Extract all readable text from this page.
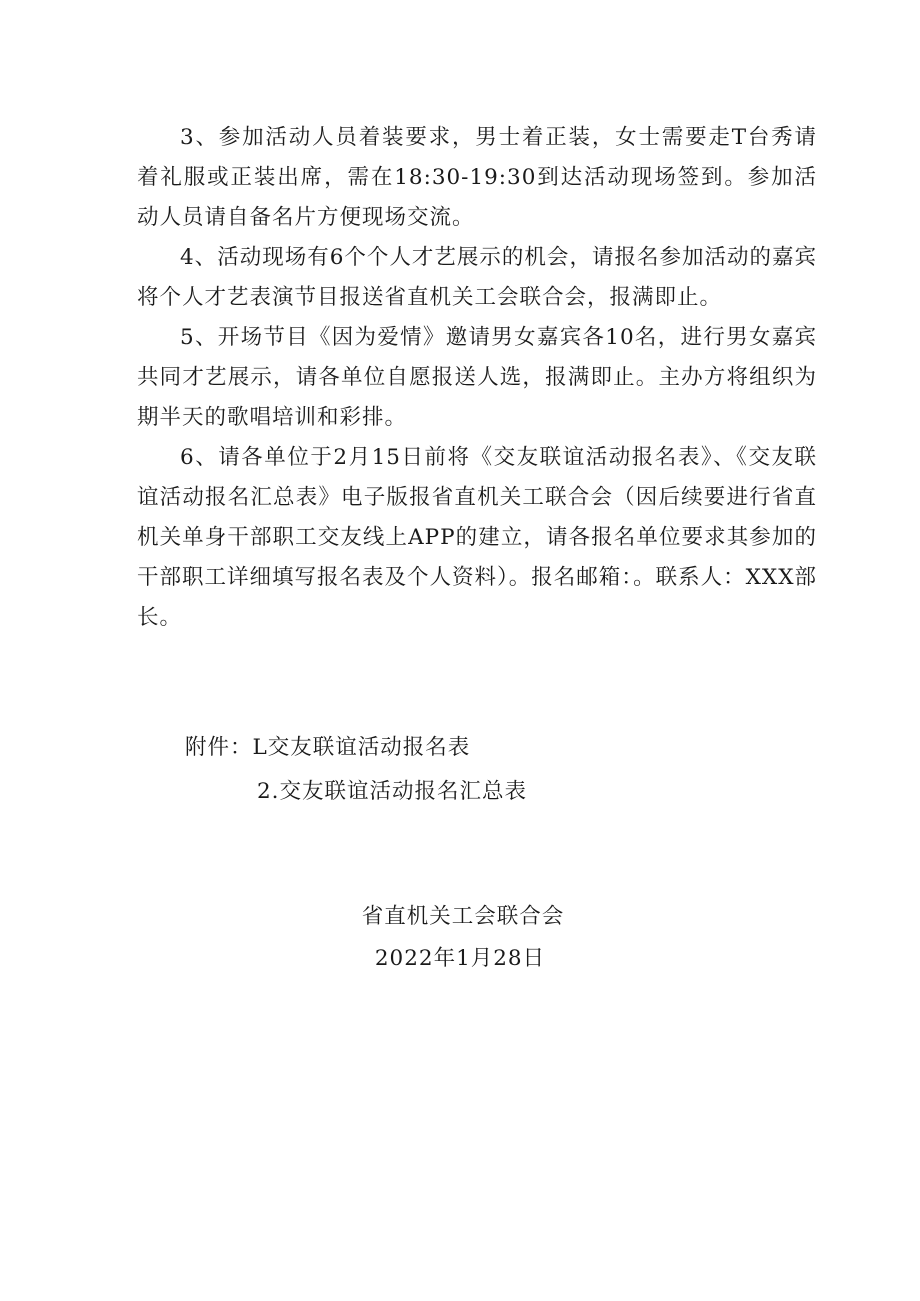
3、参加活动人员着装要求，男士着正装，女士需要走T台秀请着礼服或正装出席，需在18:30-19:30到达活动现场签到。参加活动人员请自备名片方便现场交流。

4、活动现场有6个个人才艺展示的机会，请报名参加活动的嘉宾将个人才艺表演节目报送省直机关工会联合会，报满即止。

5、开场节目《因为爱情》邀请男女嘉宾各10名，进行男女嘉宾共同才艺展示，请各单位自愿报送人选，报满即止。主办方将组织为期半天的歌唱培训和彩排。

6、请各单位于2月15日前将《交友联谊活动报名表》、《交友联谊活动报名汇总表》电子版报省直机关工联合会（因后续要进行省直机关单身干部职工交友线上APP的建立，请各报名单位要求其参加的干部职工详细填写报名表及个人资料）。报名邮箱：。联系人：XXX部长。

附件：L交友联谊活动报名表
2.交友联谊活动报名汇总表
省直机关工会联合会
2022年1月28日
